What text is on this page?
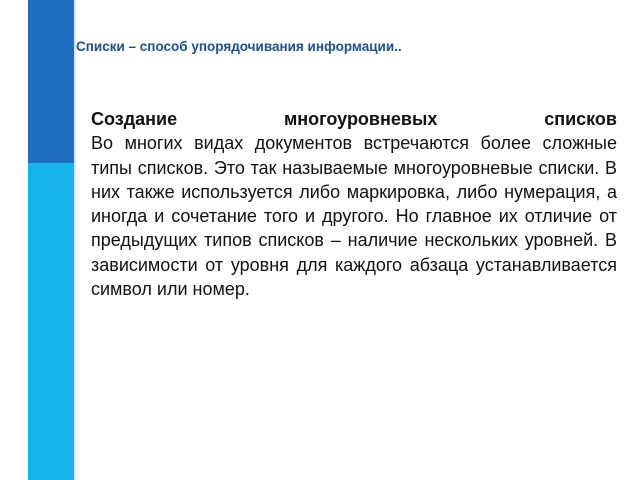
Списки – способ упорядочивания информации..
Создание многоуровневых списков
Во многих видах документов встречаются более сложные типы списков. Это так называемые многоуровневые списки. В них также используется либо маркировка, либо нумерация, а иногда и сочетание того и другого. Но главное их отличие от предыдущих типов списков – наличие нескольких уровней. В зависимости от уровня для каждого абзаца устанавливается символ или номер.
